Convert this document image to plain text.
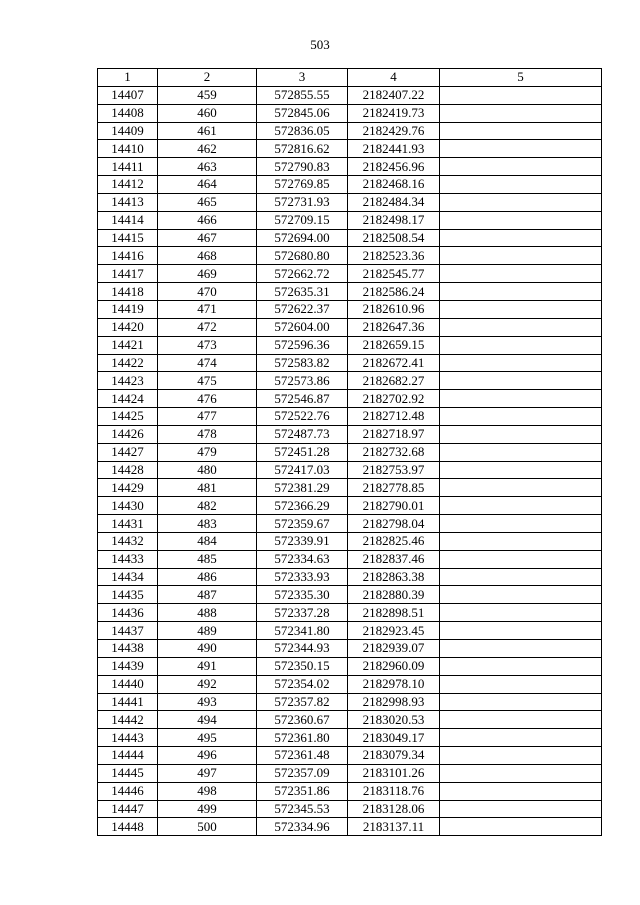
503
1	2	3	4	5
14407	459	572855.55	2182407.22	
14408	460	572845.06	2182419.73	
14409	461	572836.05	2182429.76	
14410	462	572816.62	2182441.93	
14411	463	572790.83	2182456.96	
14412	464	572769.85	2182468.16	
14413	465	572731.93	2182484.34	
14414	466	572709.15	2182498.17	
14415	467	572694.00	2182508.54	
14416	468	572680.80	2182523.36	
14417	469	572662.72	2182545.77	
14418	470	572635.31	2182586.24	
14419	471	572622.37	2182610.96	
14420	472	572604.00	2182647.36	
14421	473	572596.36	2182659.15	
14422	474	572583.82	2182672.41	
14423	475	572573.86	2182682.27	
14424	476	572546.87	2182702.92	
14425	477	572522.76	2182712.48	
14426	478	572487.73	2182718.97	
14427	479	572451.28	2182732.68	
14428	480	572417.03	2182753.97	
14429	481	572381.29	2182778.85	
14430	482	572366.29	2182790.01	
14431	483	572359.67	2182798.04	
14432	484	572339.91	2182825.46	
14433	485	572334.63	2182837.46	
14434	486	572333.93	2182863.38	
14435	487	572335.30	2182880.39	
14436	488	572337.28	2182898.51	
14437	489	572341.80	2182923.45	
14438	490	572344.93	2182939.07	
14439	491	572350.15	2182960.09	
14440	492	572354.02	2182978.10	
14441	493	572357.82	2182998.93	
14442	494	572360.67	2183020.53	
14443	495	572361.80	2183049.17	
14444	496	572361.48	2183079.34	
14445	497	572357.09	2183101.26	
14446	498	572351.86	2183118.76	
14447	499	572345.53	2183128.06	
14448	500	572334.96	2183137.11	
